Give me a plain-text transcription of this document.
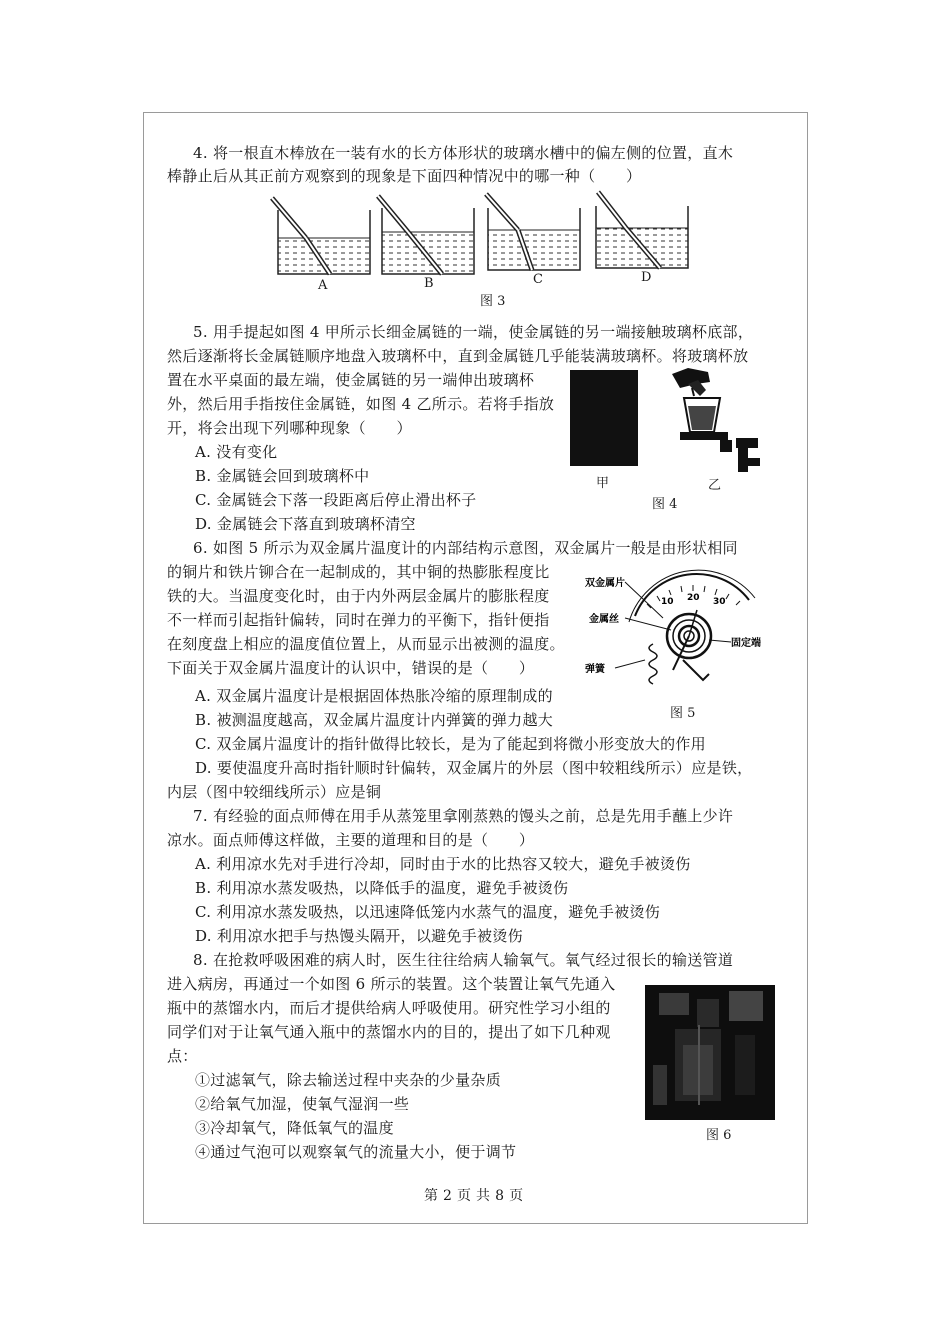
4. 将一根直木棒放在一装有水的长方体形状的玻璃水槽中的偏左侧的位置，直木
棒静止后从其正前方观察到的现象是下面四种情况中的哪一种（　　）
A	B	C	D
图 3
5. 用手提起如图 4 甲所示长细金属链的一端，使金属链的另一端接触玻璃杯底部，
然后逐渐将长金属链顺序地盘入玻璃杯中，直到金属链几乎能装满玻璃杯。将玻璃杯放
置在水平桌面的最左端，使金属链的另一端伸出玻璃杯
外，然后用手指按住金属链，如图 4 乙所示。若将手指放
开，将会出现下列哪种现象（　　）
A. 没有变化
B. 金属链会回到玻璃杯中
C. 金属链会下落一段距离后停止滑出杯子
D. 金属链会下落直到玻璃杯清空
甲	乙
图 4
6. 如图 5 所示为双金属片温度计的内部结构示意图，双金属片一般是由形状相同
的铜片和铁片铆合在一起制成的，其中铜的热膨胀程度比
铁的大。当温度变化时，由于内外两层金属片的膨胀程度
不一样而引起指针偏转，同时在弹力的平衡下，指针便指
在刻度盘上相应的温度值位置上，从而显示出被测的温度。
下面关于双金属片温度计的认识中，错误的是（　　）
A. 双金属片温度计是根据固体热胀冷缩的原理制成的
B. 被测温度越高，双金属片温度计内弹簧的弹力越大
C. 双金属片温度计的指针做得比较长，是为了能起到将微小形变放大的作用
D. 要使温度升高时指针顺时针偏转，双金属片的外层（图中较粗线所示）应是铁，
内层（图中较细线所示）应是铜
10 20 30
双金属片
金属丝
固定端
弹簧
图 5
7. 有经验的面点师傅在用手从蒸笼里拿刚蒸熟的馒头之前，总是先用手蘸上少许
凉水。面点师傅这样做，主要的道理和目的是（　　）
A. 利用凉水先对手进行冷却，同时由于水的比热容又较大，避免手被烫伤
B. 利用凉水蒸发吸热，以降低手的温度，避免手被烫伤
C. 利用凉水蒸发吸热，以迅速降低笼内水蒸气的温度，避免手被烫伤
D. 利用凉水把手与热馒头隔开，以避免手被烫伤
8. 在抢救呼吸困难的病人时，医生往往给病人输氧气。氧气经过很长的输送管道
进入病房，再通过一个如图 6 所示的装置。这个装置让氧气先通入
瓶中的蒸馏水内，而后才提供给病人呼吸使用。研究性学习小组的
同学们对于让氧气通入瓶中的蒸馏水内的目的，提出了如下几种观
点：
①过滤氧气，除去输送过程中夹杂的少量杂质
②给氧气加湿，使氧气湿润一些
③冷却氧气，降低氧气的温度
④通过气泡可以观察氧气的流量大小，便于调节
图 6
第 2 页 共 8 页
